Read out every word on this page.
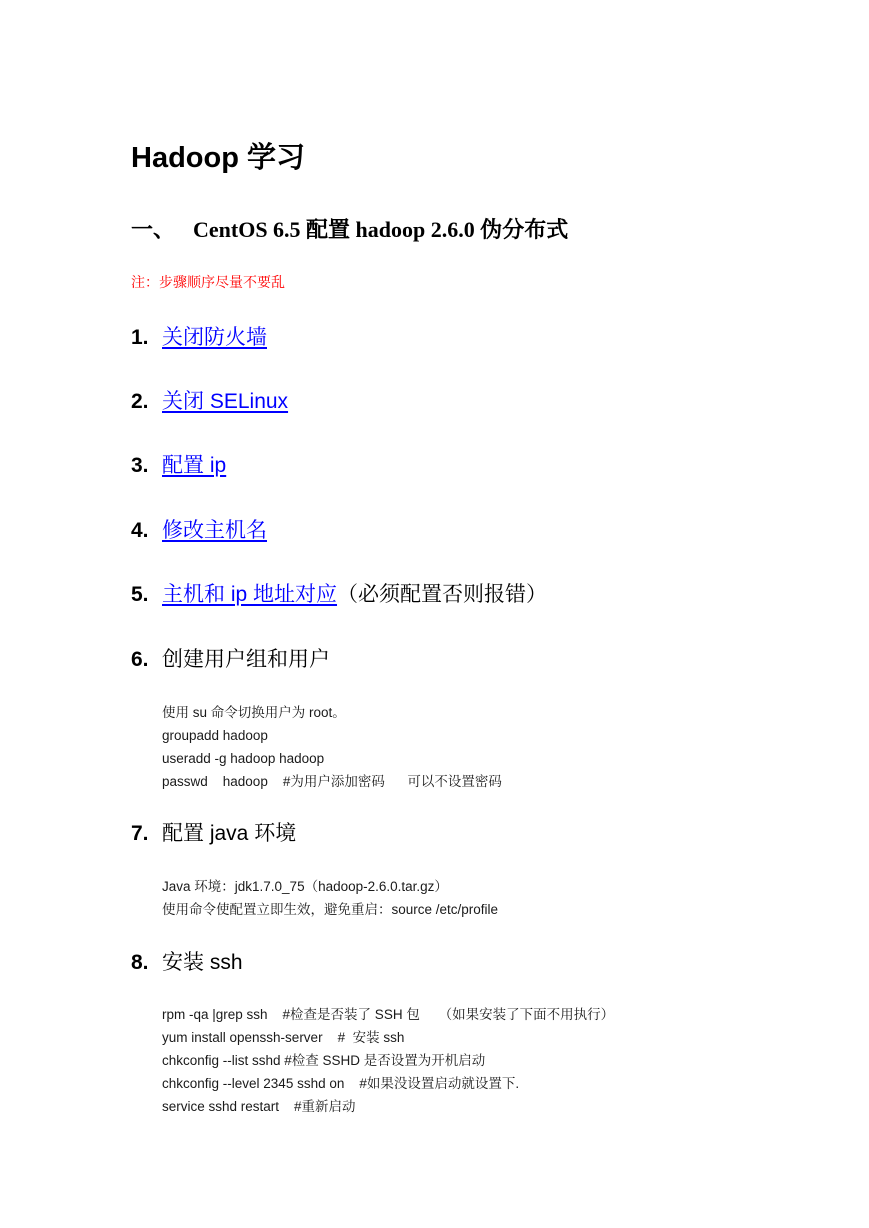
Hadoop 学习
一、 CentOS 6.5 配置 hadoop 2.6.0 伪分布式
注：步骤顺序尽量不要乱
1. 关闭防火墙
2. 关闭 SELinux
3. 配置 ip
4. 修改主机名
5. 主机和 ip 地址对应（必须配置否则报错）
6. 创建用户组和用户
使用 su 命令切换用户为 root。
groupadd hadoop
useradd -g hadoop hadoop
passwd    hadoop    #为用户添加密码      可以不设置密码
7. 配置 java 环境
Java 环境：jdk1.7.0_75（hadoop-2.6.0.tar.gz）
使用命令使配置立即生效，避免重启：source /etc/profile
8. 安装 ssh
rpm -qa |grep ssh    #检查是否装了 SSH 包     （如果安装了下面不用执行）
yum install openssh-server    #  安装 ssh
chkconfig --list sshd #检查 SSHD 是否设置为开机启动
chkconfig --level 2345 sshd on    #如果没设置启动就设置下.
service sshd restart    #重新启动
